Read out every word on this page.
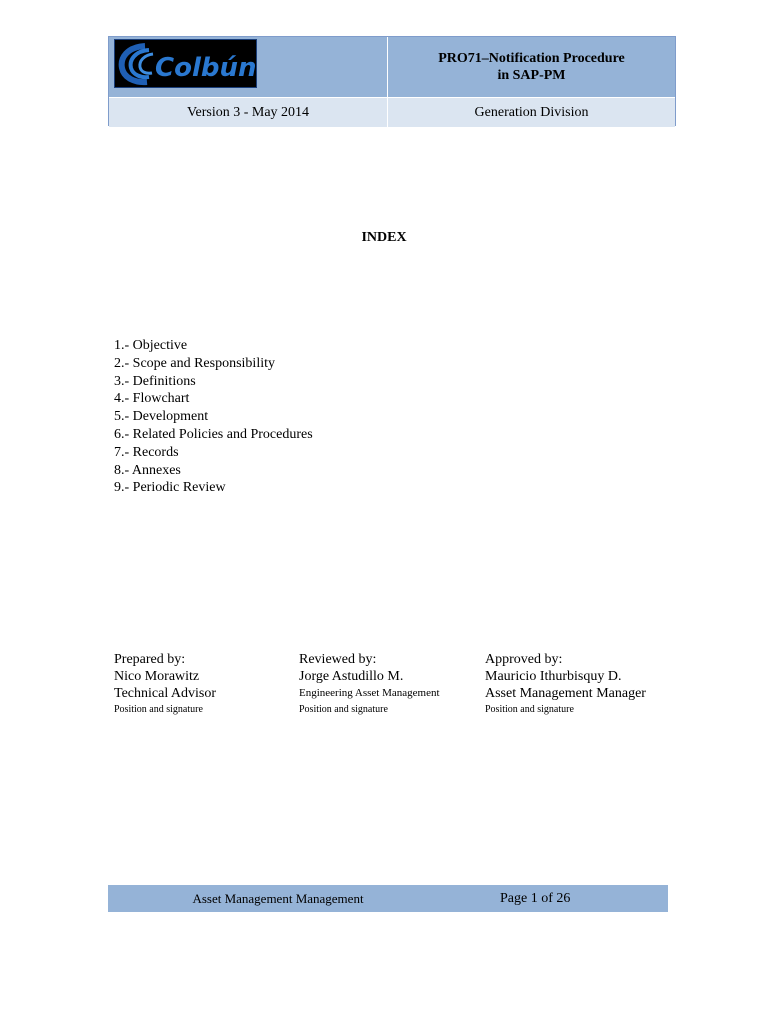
Colbún	PRO71–Notification Procedure
in SAP-PM
Version 3 - May 2014	Generation Division
INDEX
1.- Objective
2.- Scope and Responsibility
3.- Definitions
4.- Flowchart
5.- Development
6.- Related Policies and Procedures
7.- Records
8.- Annexes
9.- Periodic Review
Prepared by:
Nico Morawitz
Technical Advisor
Position and signature
Reviewed by:
Jorge Astudillo M.
Engineering Asset Management
Position and signature
Approved by:
Mauricio Ithurbisquy D.
Asset Management Manager
Position and signature
Asset Management Management	Page 1 of 26
